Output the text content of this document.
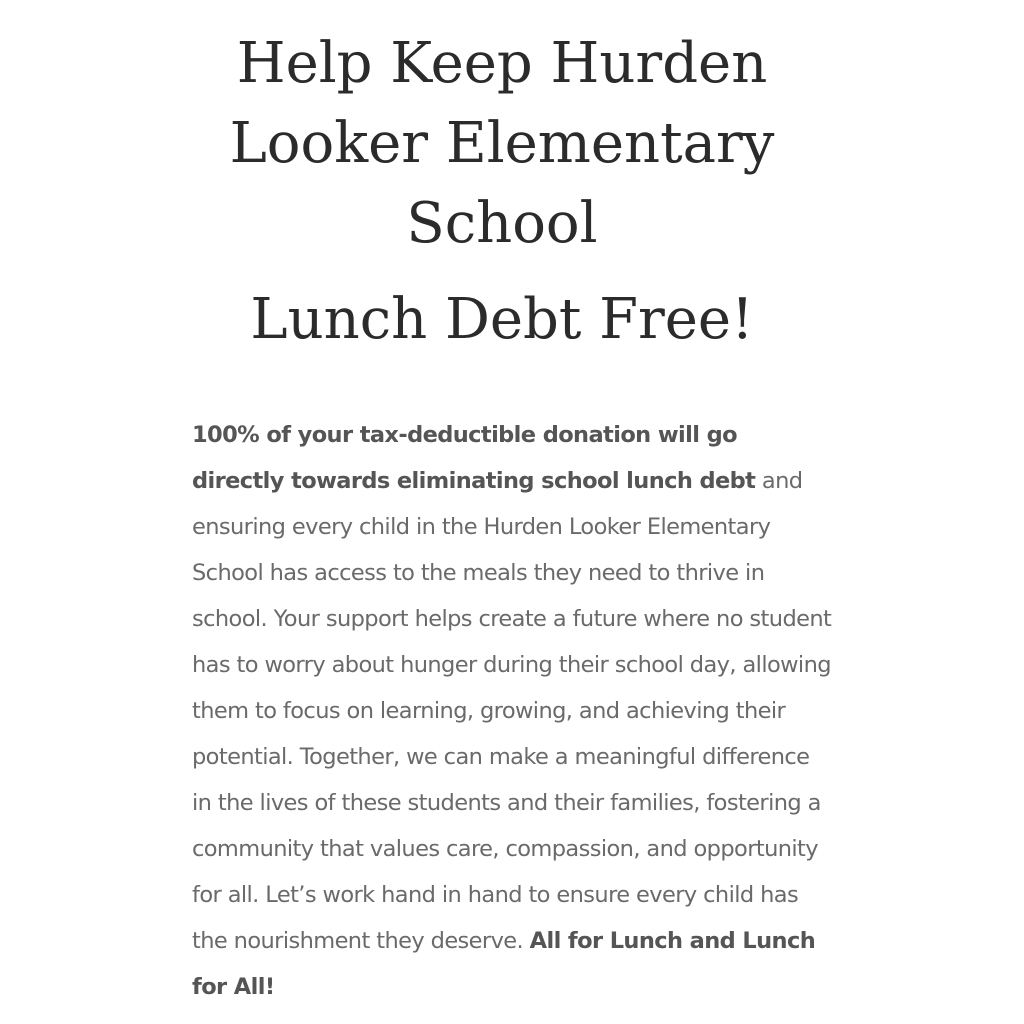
Help Keep Hurden
Looker Elementary
School
Lunch Debt Free!

100% of your tax-deductible donation will go directly towards eliminating school lunch debt and ensuring every child in the Hurden Looker Elementary School has access to the meals they need to thrive in school. Your support helps create a future where no student has to worry about hunger during their school day, allowing them to focus on learning, growing, and achieving their potential. Together, we can make a meaningful difference in the lives of these students and their families, fostering a community that values care, compassion, and opportunity for all. Let’s work hand in hand to ensure every child has the nourishment they deserve. All for Lunch and Lunch for All!
